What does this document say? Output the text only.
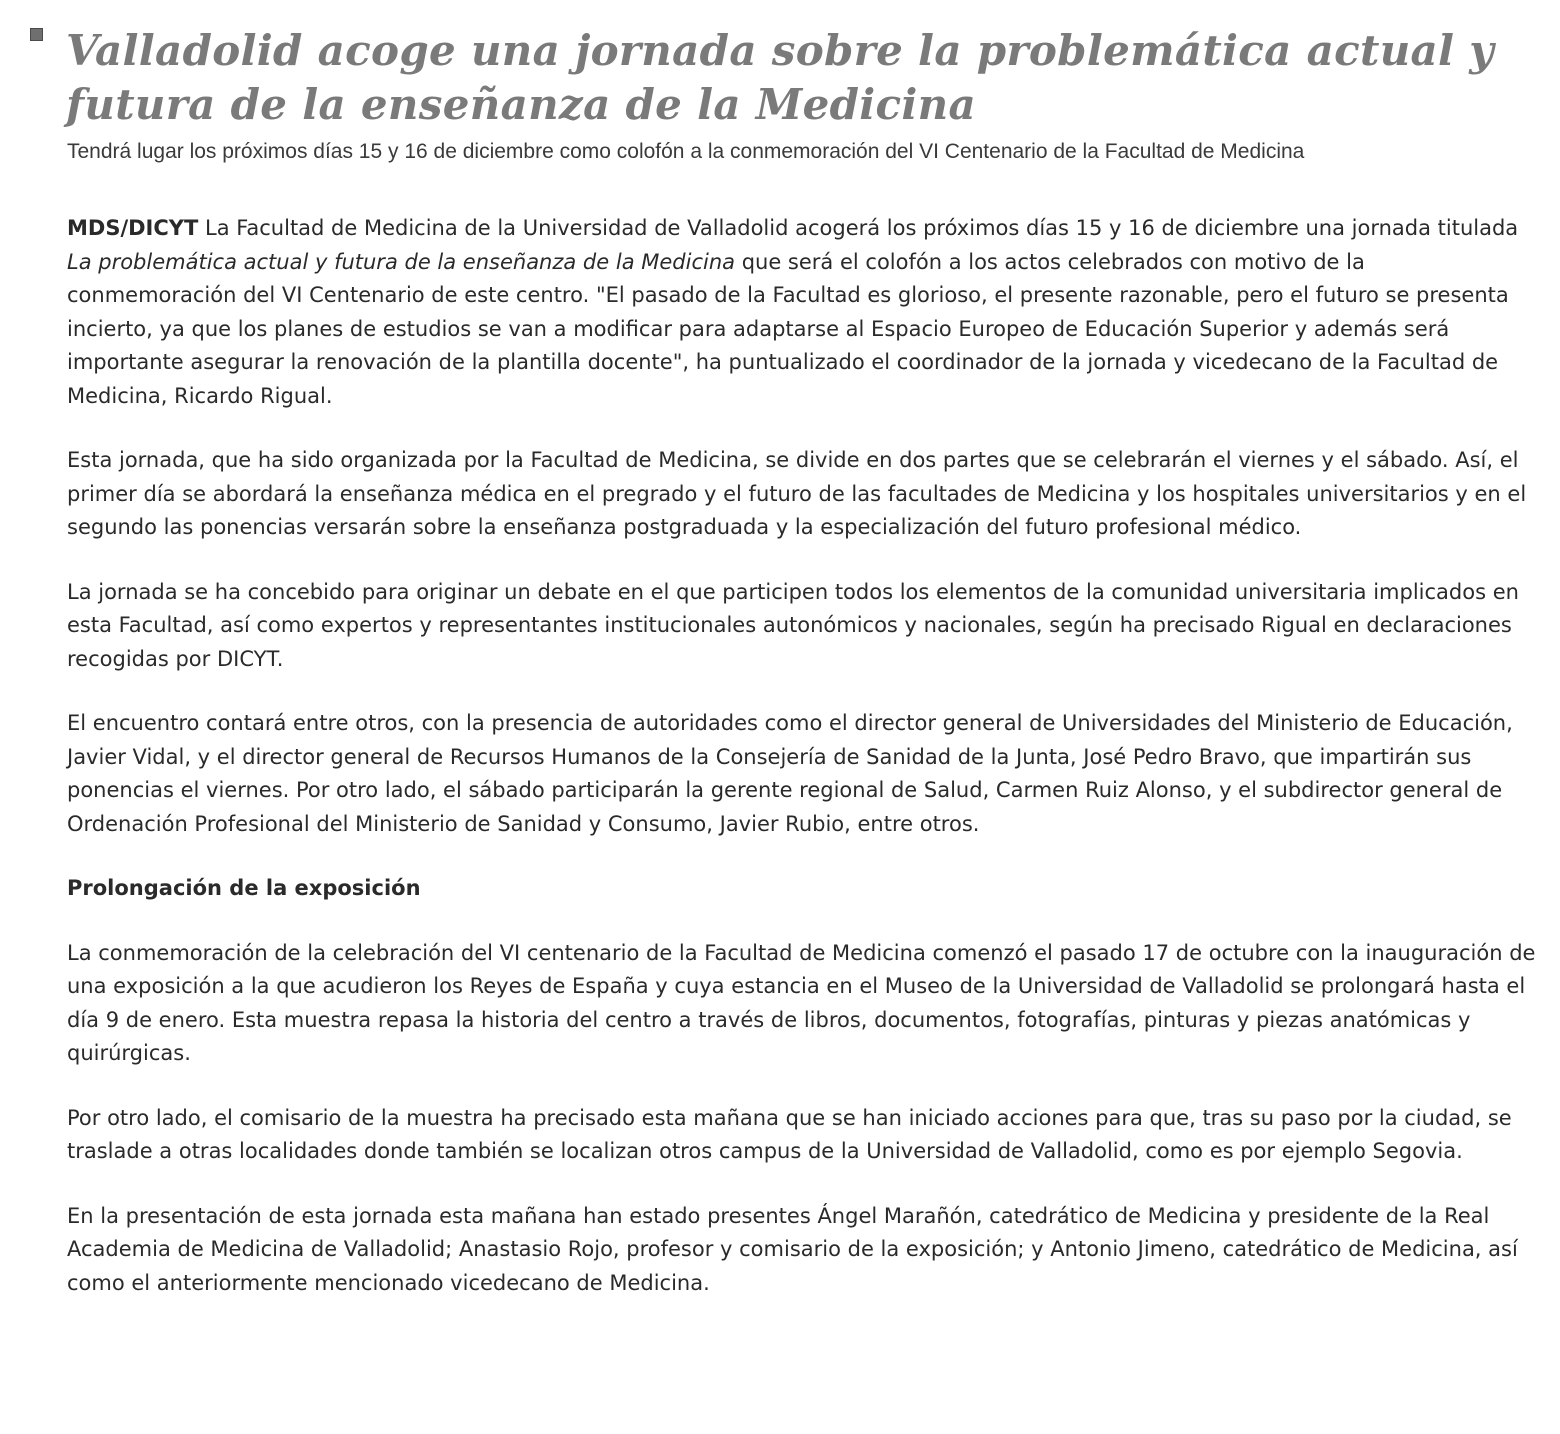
Valladolid acoge una jornada sobre la problemática actual y futura de la enseñanza de la Medicina

Tendrá lugar los próximos días 15 y 16 de diciembre como colofón a la conmemoración del VI Centenario de la Facultad de Medicina

MDS/DICYT La Facultad de Medicina de la Universidad de Valladolid acogerá los próximos días 15 y 16 de diciembre una jornada titulada La problemática actual y futura de la enseñanza de la Medicina que será el colofón a los actos celebrados con motivo de la conmemoración del VI Centenario de este centro. "El pasado de la Facultad es glorioso, el presente razonable, pero el futuro se presenta incierto, ya que los planes de estudios se van a modificar para adaptarse al Espacio Europeo de Educación Superior y además será importante asegurar la renovación de la plantilla docente", ha puntualizado el coordinador de la jornada y vicedecano de la Facultad de Medicina, Ricardo Rigual.

Esta jornada, que ha sido organizada por la Facultad de Medicina, se divide en dos partes que se celebrarán el viernes y el sábado. Así, el primer día se abordará la enseñanza médica en el pregrado y el futuro de las facultades de Medicina y los hospitales universitarios y en el segundo las ponencias versarán sobre la enseñanza postgraduada y la especialización del futuro profesional médico.

La jornada se ha concebido para originar un debate en el que participen todos los elementos de la comunidad universitaria implicados en esta Facultad, así como expertos y representantes institucionales autonómicos y nacionales, según ha precisado Rigual en declaraciones recogidas por DICYT.

El encuentro contará entre otros, con la presencia de autoridades como el director general de Universidades del Ministerio de Educación, Javier Vidal, y el director general de Recursos Humanos de la Consejería de Sanidad de la Junta, José Pedro Bravo, que impartirán sus ponencias el viernes. Por otro lado, el sábado participarán la gerente regional de Salud, Carmen Ruiz Alonso, y el subdirector general de Ordenación Profesional del Ministerio de Sanidad y Consumo, Javier Rubio, entre otros.

Prolongación de la exposición

La conmemoración de la celebración del VI centenario de la Facultad de Medicina comenzó el pasado 17 de octubre con la inauguración de una exposición a la que acudieron los Reyes de España y cuya estancia en el Museo de la Universidad de Valladolid se prolongará hasta el día 9 de enero. Esta muestra repasa la historia del centro a través de libros, documentos, fotografías, pinturas y piezas anatómicas y quirúrgicas.

Por otro lado, el comisario de la muestra ha precisado esta mañana que se han iniciado acciones para que, tras su paso por la ciudad, se traslade a otras localidades donde también se localizan otros campus de la Universidad de Valladolid, como es por ejemplo Segovia.

En la presentación de esta jornada esta mañana han estado presentes Ángel Marañón, catedrático de Medicina y presidente de la Real Academia de Medicina de Valladolid; Anastasio Rojo, profesor y comisario de la exposición; y Antonio Jimeno, catedrático de Medicina, así como el anteriormente mencionado vicedecano de Medicina.
